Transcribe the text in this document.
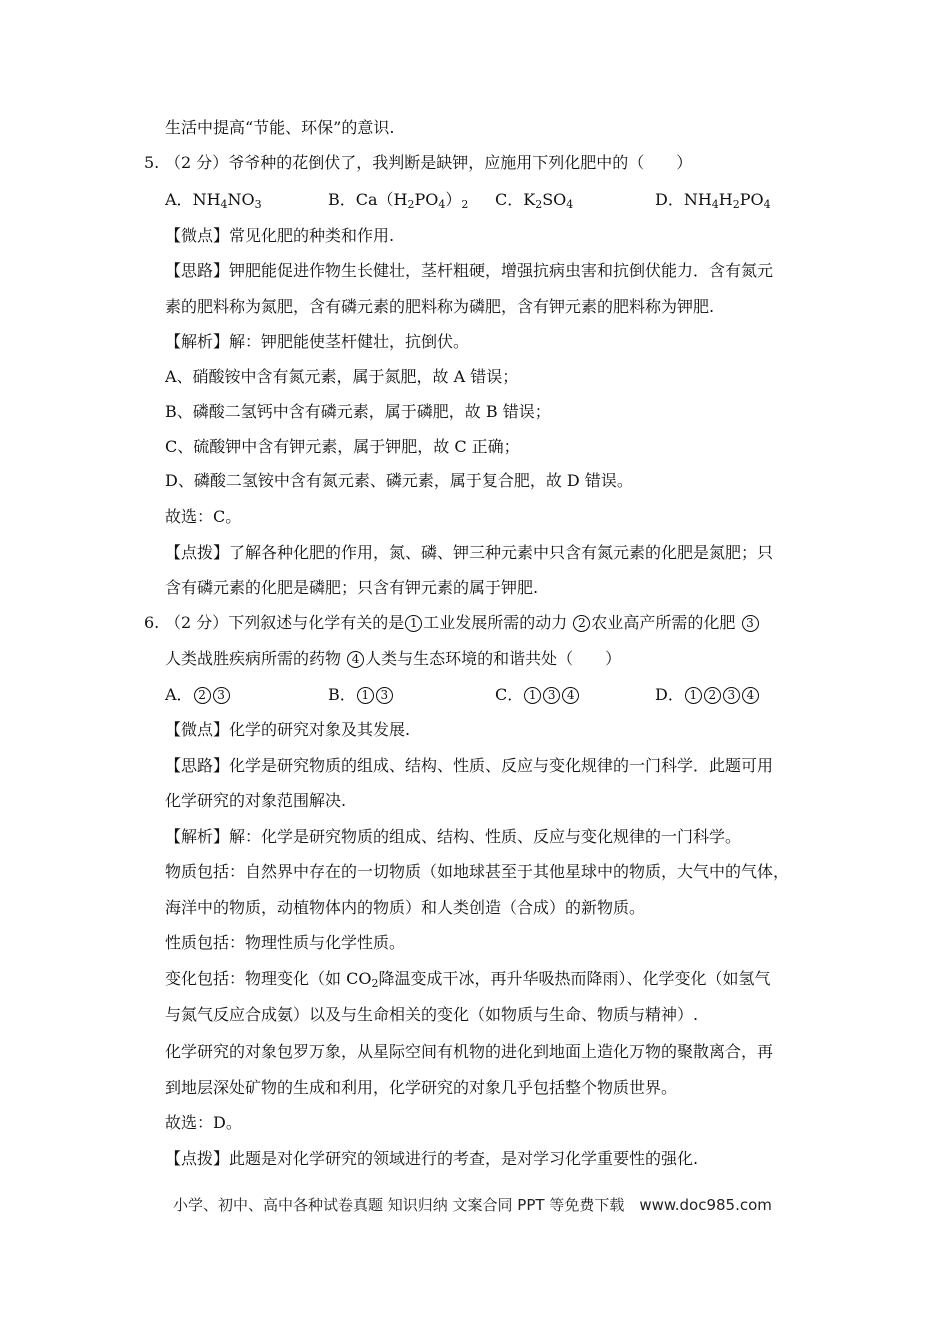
生活中提高“节能、环保”的意识.
5. （2 分）爷爷种的花倒伏了，我判断是缺钾，应施用下列化肥中的（　　）
A．$NH_4NO_3$	B．$Ca(H_2PO_4)_2$ C．$K_2SO_4$	D．$NH_4H_2PO_4$
【微点】常见化肥的种类和作用.
【思路】钾肥能促进作物生长健壮，茎杆粗硬，增强抗病虫害和抗倒伏能力．含有氮元
素的肥料称为氮肥，含有磷元素的肥料称为磷肥，含有钾元素的肥料称为钾肥.
【解析】解：钾肥能使茎杆健壮，抗倒伏。
A、硝酸铵中含有氮元素，属于氮肥，故 A 错误；
B、磷酸二氢钙中含有磷元素，属于磷肥，故 B 错误；
C、硫酸钾中含有钾元素，属于钾肥，故 C 正确；
D、磷酸二氢铵中含有氮元素、磷元素，属于复合肥，故 D 错误。
故选：C。
【点拨】了解各种化肥的作用，氮、磷、钾三种元素中只含有氮元素的化肥是氮肥；只
含有磷元素的化肥是磷肥；只含有钾元素的属于钾肥.
6. （2 分）下列叙述与化学有关的是 1 工业发展所需的动力 2 农业高产所需的化肥 3
人类战胜疾病所需的药物 4 人类与生态环境的和谐共处（　　）
A． 2 3	B． 1 3	C． 1 3 4	D． 1 2 3 4
【微点】化学的研究对象及其发展.
【思路】化学是研究物质的组成、结构、性质、反应与变化规律的一门科学．此题可用
化学研究的对象范围解决.
【解析】解：化学是研究物质的组成、结构、性质、反应与变化规律的一门科学。
物质包括：自然界中存在的一切物质（如地球甚至于其他星球中的物质，大气中的气体，
海洋中的物质，动植物体内的物质）和人类创造（合成）的新物质。
性质包括：物理性质与化学性质。
变化包括：物理变化（如 $CO_2$降温变成干冰，再升华吸热而降雨）、化学变化（如氢气
与氮气反应合成氨）以及与生命相关的变化（如物质与生命、物质与精神）.
化学研究的对象包罗万象，从星际空间有机物的进化到地面上造化万物的聚散离合，再
到地层深处矿物的生成和利用，化学研究的对象几乎包括整个物质世界。
故选：D。
【点拨】此题是对化学研究的领域进行的考查，是对学习化学重要性的强化.
小学、初中、高中各种试卷真题 知识归纳 文案合同 PPT 等免费下载　www.doc985.com
